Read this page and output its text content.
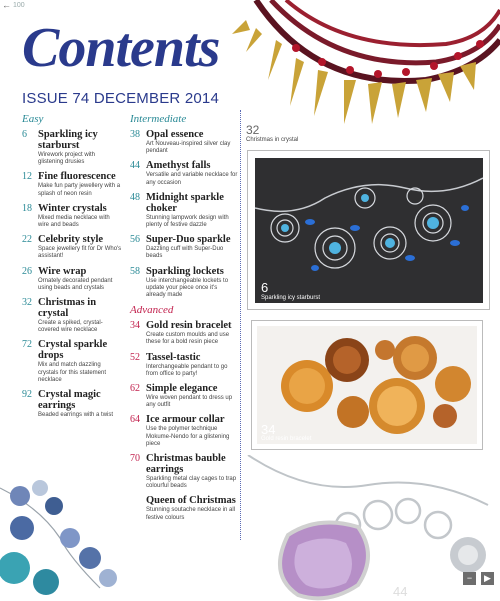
← 100
Contents
ISSUE 74 DECEMBER 2014
Easy
6	Sparkling icy starburst
Wirework project with glistening drusies
12 Fine fluorescence
Make fun party jewellery with a splash of neon resin
18 Winter crystals
Mixed media necklace with wire and beads
22 Celebrity style
Space jewellery fit for Dr Who's assistant!
26 Wire wrap
Ornately decorated pendant using beads and crystals
32 Christmas in crystal
Create a spiked, crystal-covered wire necklace
72 Crystal sparkle drops
Mix and match dazzling crystals for this statement necklace
92 Crystal magic earrings
Beaded earrings with a twist
Intermediate
38 Opal essence
Art Nouveau-inspired silver clay pendant
44 Amethyst falls
Versatile and variable necklace for any occasion
48 Midnight sparkle choker
Stunning lampwork design with plenty of festive dazzle
56 Super-Duo sparkle
Dazzling cuff with Super-Duo beads
58 Sparkling lockets
Use interchangeable lockets to update your piece once it's already made
Advanced
34 Gold resin bracelet
Create custom moulds and use these for a bold resin piece
52 Tassel-tastic
Interchangeable pendant to go from office to party!
62 Simple elegance
Wire woven pendant to dress up any outfit
64 Ice armour collar
Use the polymer technique Mokume-Nendo for a glistening piece
70 Christmas bauble earrings
Sparkling metal clay cages to trap colourful beads
Queen of Christmas
Stunning soutache necklace in all festive colours
32
Christmas in crystal
6
Sparkling icy starburst
34
Gold resin bracelet
44
−	▶
